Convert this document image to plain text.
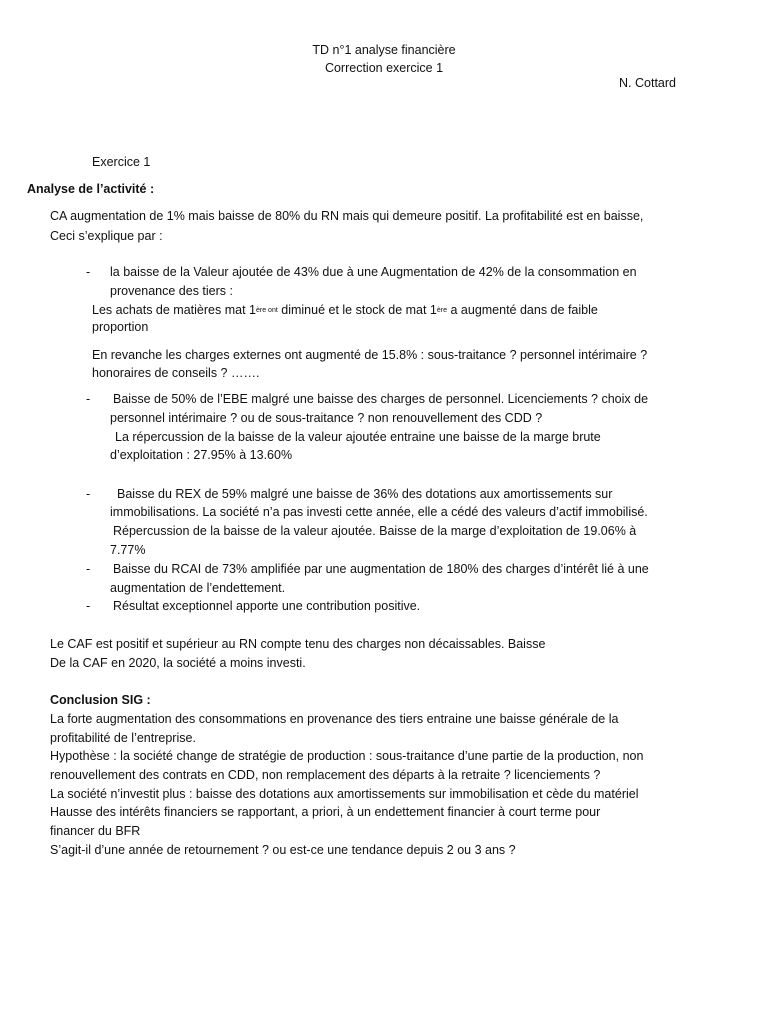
TD n°1 analyse financière
Correction exercice 1
N. Cottard
Exercice 1
Analyse de l’activité :
CA augmentation de 1% mais baisse de 80% du RN mais qui demeure positif. La profitabilité est en baisse,
Ceci s’explique par :
- la baisse de la Valeur ajoutée de 43% due à une Augmentation de 42% de la consommation en
provenance des tiers :
Les achats de matières mat $1^{ère ont}$ diminué et le stock de mat 1ère a augmenté dans de faible
proportion
En revanche les charges externes ont augmenté de 15.8% : sous-traitance ? personnel intérimaire ?
honoraires de conseils ? …….
- Baisse de 50% de l’EBE malgré une baisse des charges de personnel. Licenciements ? choix de
personnel intérimaire ? ou de sous-traitance ? non renouvellement des CDD ?
La répercussion de la baisse de la valeur ajoutée entraine une baisse de la marge brute
d’exploitation : 27.95% à 13.60%
- Baisse du REX de 59% malgré une baisse de 36% des dotations aux amortissements sur
immobilisations. La société n’a pas investi cette année, elle a cédé des valeurs d’actif immobilisé.
Répercussion de la baisse de la valeur ajoutée. Baisse de la marge d’exploitation de 19.06% à
7.77%
- Baisse du RCAI de 73% amplifiée par une augmentation de 180% des charges d’intérêt lié à une
augmentation de l’endettement.
- Résultat exceptionnel apporte une contribution positive.
Le CAF est positif et supérieur au RN compte tenu des charges non décaissables. Baisse
De la CAF en 2020, la société a moins investi.
Conclusion SIG :
La forte augmentation des consommations en provenance des tiers entraine une baisse générale de la
profitabilité de l’entreprise.
Hypothèse : la société change de stratégie de production : sous-traitance d’une partie de la production, non
renouvellement des contrats en CDD, non remplacement des départs à la retraite ? licenciements ?
La société n’investit plus : baisse des dotations aux amortissements sur immobilisation et cède du matériel
Hausse des intérêts financiers se rapportant, a priori, à un endettement financier à court terme pour
financer du BFR
S’agit-il d’une année de retournement ? ou est-ce une tendance depuis 2 ou 3 ans ?
